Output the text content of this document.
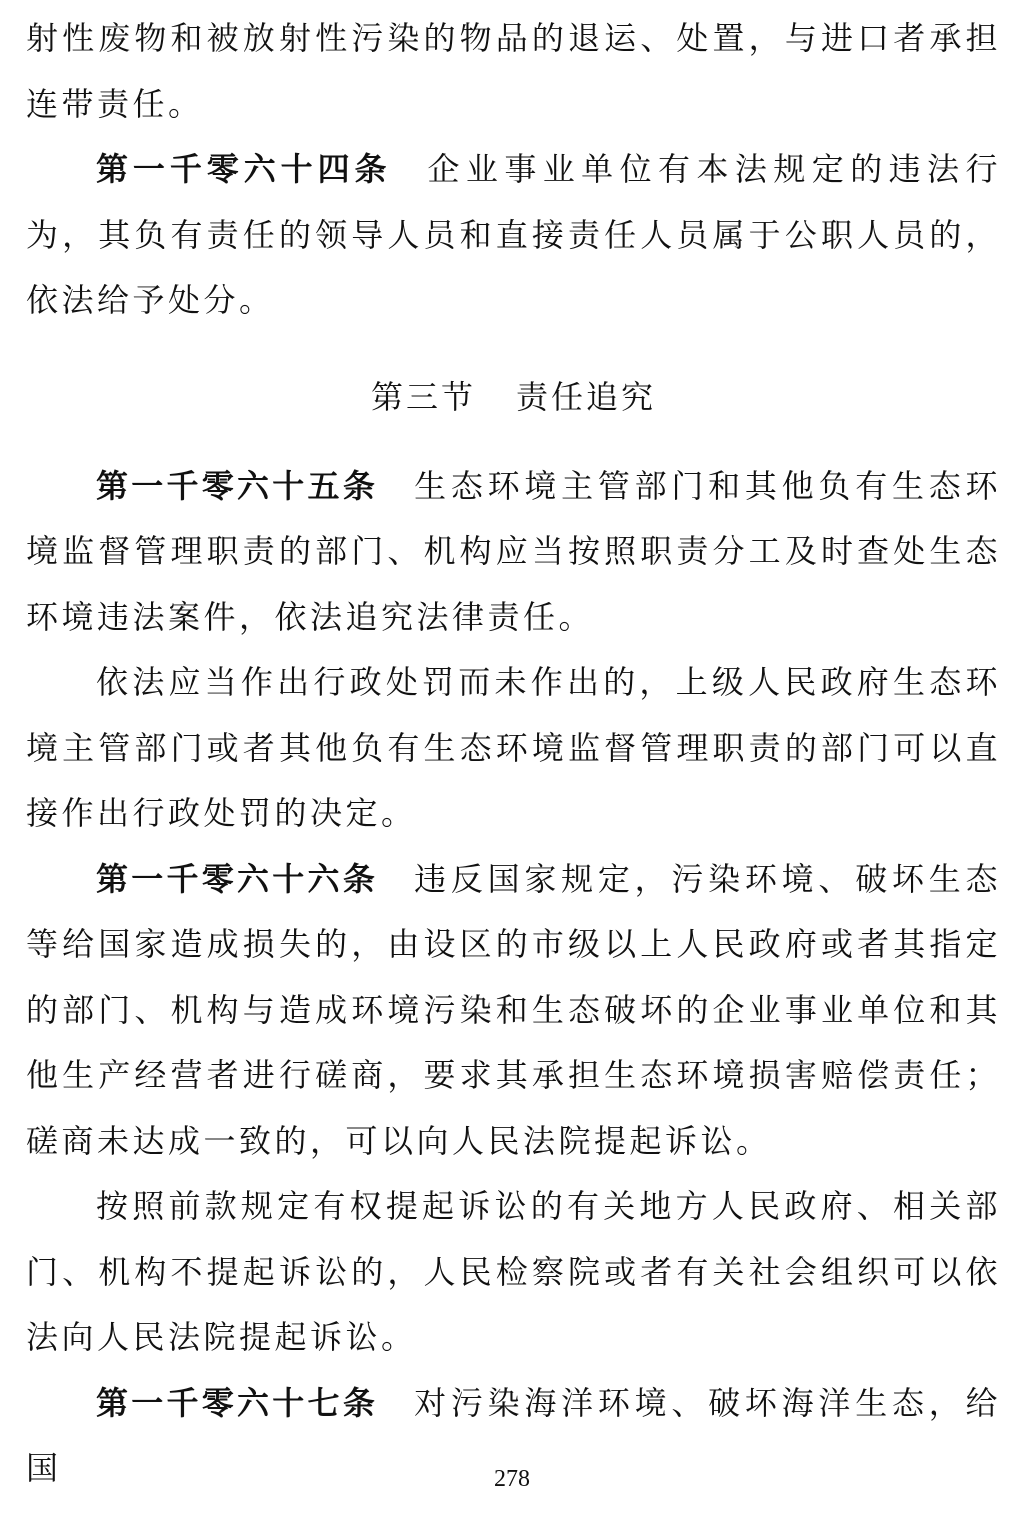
射性废物和被放射性污染的物品的退运、处置，与进口者承担连带责任。

第一千零六十四条 企业事业单位有本法规定的违法行为，其负有责任的领导人员和直接责任人员属于公职人员的，依法给予处分。

第三节 责任追究

第一千零六十五条 生态环境主管部门和其他负有生态环境监督管理职责的部门、机构应当按照职责分工及时查处生态环境违法案件，依法追究法律责任。

依法应当作出行政处罚而未作出的，上级人民政府生态环境主管部门或者其他负有生态环境监督管理职责的部门可以直接作出行政处罚的决定。

第一千零六十六条 违反国家规定，污染环境、破坏生态等给国家造成损失的，由设区的市级以上人民政府或者其指定的部门、机构与造成环境污染和生态破坏的企业事业单位和其他生产经营者进行磋商，要求其承担生态环境损害赔偿责任；磋商未达成一致的，可以向人民法院提起诉讼。

按照前款规定有权提起诉讼的有关地方人民政府、相关部门、机构不提起诉讼的，人民检察院或者有关社会组织可以依法向人民法院提起诉讼。

第一千零六十七条 对污染海洋环境、破坏海洋生态，给国	278
